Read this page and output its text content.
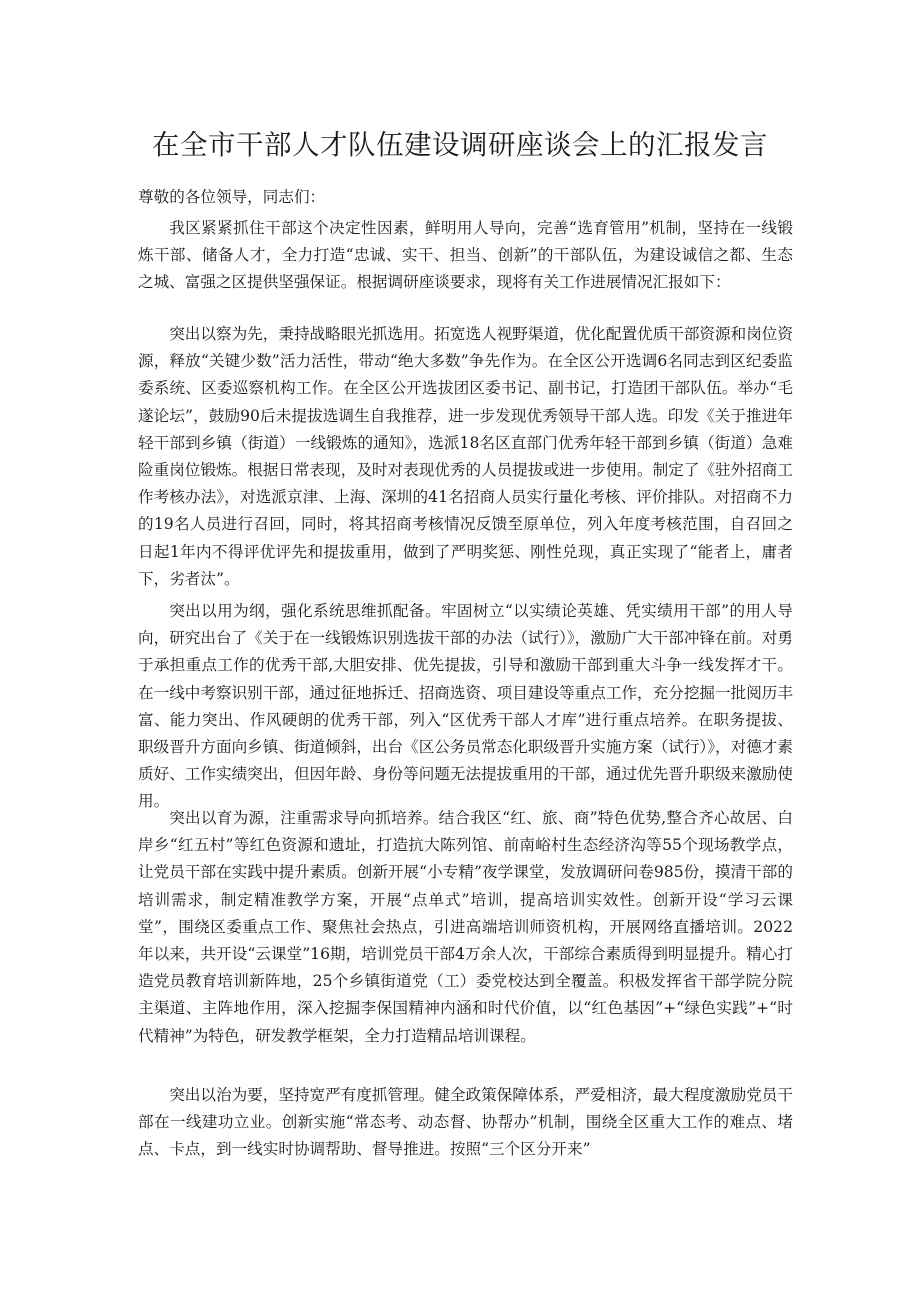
在全市干部人才队伍建设调研座谈会上的汇报发言

尊敬的各位领导，同志们：

我区紧紧抓住干部这个决定性因素，鲜明用人导向，完善“选育管用”机制，坚持在一线锻炼干部、储备人才，全力打造“忠诚、实干、担当、创新”的干部队伍，为建设诚信之都、生态之城、富强之区提供坚强保证。根据调研座谈要求，现将有关工作进展情况汇报如下：

突出以察为先，秉持战略眼光抓选用。拓宽选人视野渠道，优化配置优质干部资源和岗位资源，释放“关键少数”活力活性，带动“绝大多数”争先作为。在全区公开选调6名同志到区纪委监委系统、区委巡察机构工作。在全区公开选拔团区委书记、副书记，打造团干部队伍。举办“毛遂论坛”，鼓励90后未提拔选调生自我推荐，进一步发现优秀领导干部人选。印发《关于推进年轻干部到乡镇（街道）一线锻炼的通知》，选派18名区直部门优秀年轻干部到乡镇（街道）急难险重岗位锻炼。根据日常表现，及时对表现优秀的人员提拔或进一步使用。制定了《驻外招商工作考核办法》，对选派京津、上海、深圳的41名招商人员实行量化考核、评价排队。对招商不力的19名人员进行召回，同时，将其招商考核情况反馈至原单位，列入年度考核范围，自召回之日起1年内不得评优评先和提拔重用，做到了严明奖惩、刚性兑现，真正实现了“能者上，庸者下，劣者汰”。

突出以用为纲，强化系统思维抓配备。牢固树立“以实绩论英雄、凭实绩用干部”的用人导向，研究出台了《关于在一线锻炼识别选拔干部的办法（试行）》，激励广大干部冲锋在前。对勇于承担重点工作的优秀干部,大胆安排、优先提拔，引导和激励干部到重大斗争一线发挥才干。在一线中考察识别干部，通过征地拆迁、招商选资、项目建设等重点工作，充分挖掘一批阅历丰富、能力突出、作风硬朗的优秀干部，列入“区优秀干部人才库”进行重点培养。在职务提拔、职级晋升方面向乡镇、街道倾斜，出台《区公务员常态化职级晋升实施方案（试行）》，对德才素质好、工作实绩突出，但因年龄、身份等问题无法提拔重用的干部，通过优先晋升职级来激励使用。

突出以育为源，注重需求导向抓培养。结合我区“红、旅、商”特色优势,整合齐心故居、白岸乡“红五村”等红色资源和遗址，打造抗大陈列馆、前南峪村生态经济沟等55个现场教学点，让党员干部在实践中提升素质。创新开展“小专精”夜学课堂，发放调研问卷985份，摸清干部的培训需求，制定精准教学方案，开展“点单式”培训，提高培训实效性。创新开设“学习云课堂”，围绕区委重点工作、聚焦社会热点，引进高端培训师资机构，开展网络直播培训。2022年以来，共开设“云课堂”16期，培训党员干部4万余人次，干部综合素质得到明显提升。精心打造党员教育培训新阵地，25个乡镇街道党（工）委党校达到全覆盖。积极发挥省干部学院分院主渠道、主阵地作用，深入挖掘李保国精神内涵和时代价值，以“红色基因”+“绿色实践”+“时代精神”为特色，研发教学框架，全力打造精品培训课程。

突出以治为要，坚持宽严有度抓管理。健全政策保障体系，严爱相济，最大程度激励党员干部在一线建功立业。创新实施“常态考、动态督、协帮办”机制，围绕全区重大工作的难点、堵点、卡点，到一线实时协调帮助、督导推进。按照“三个区分开来”
